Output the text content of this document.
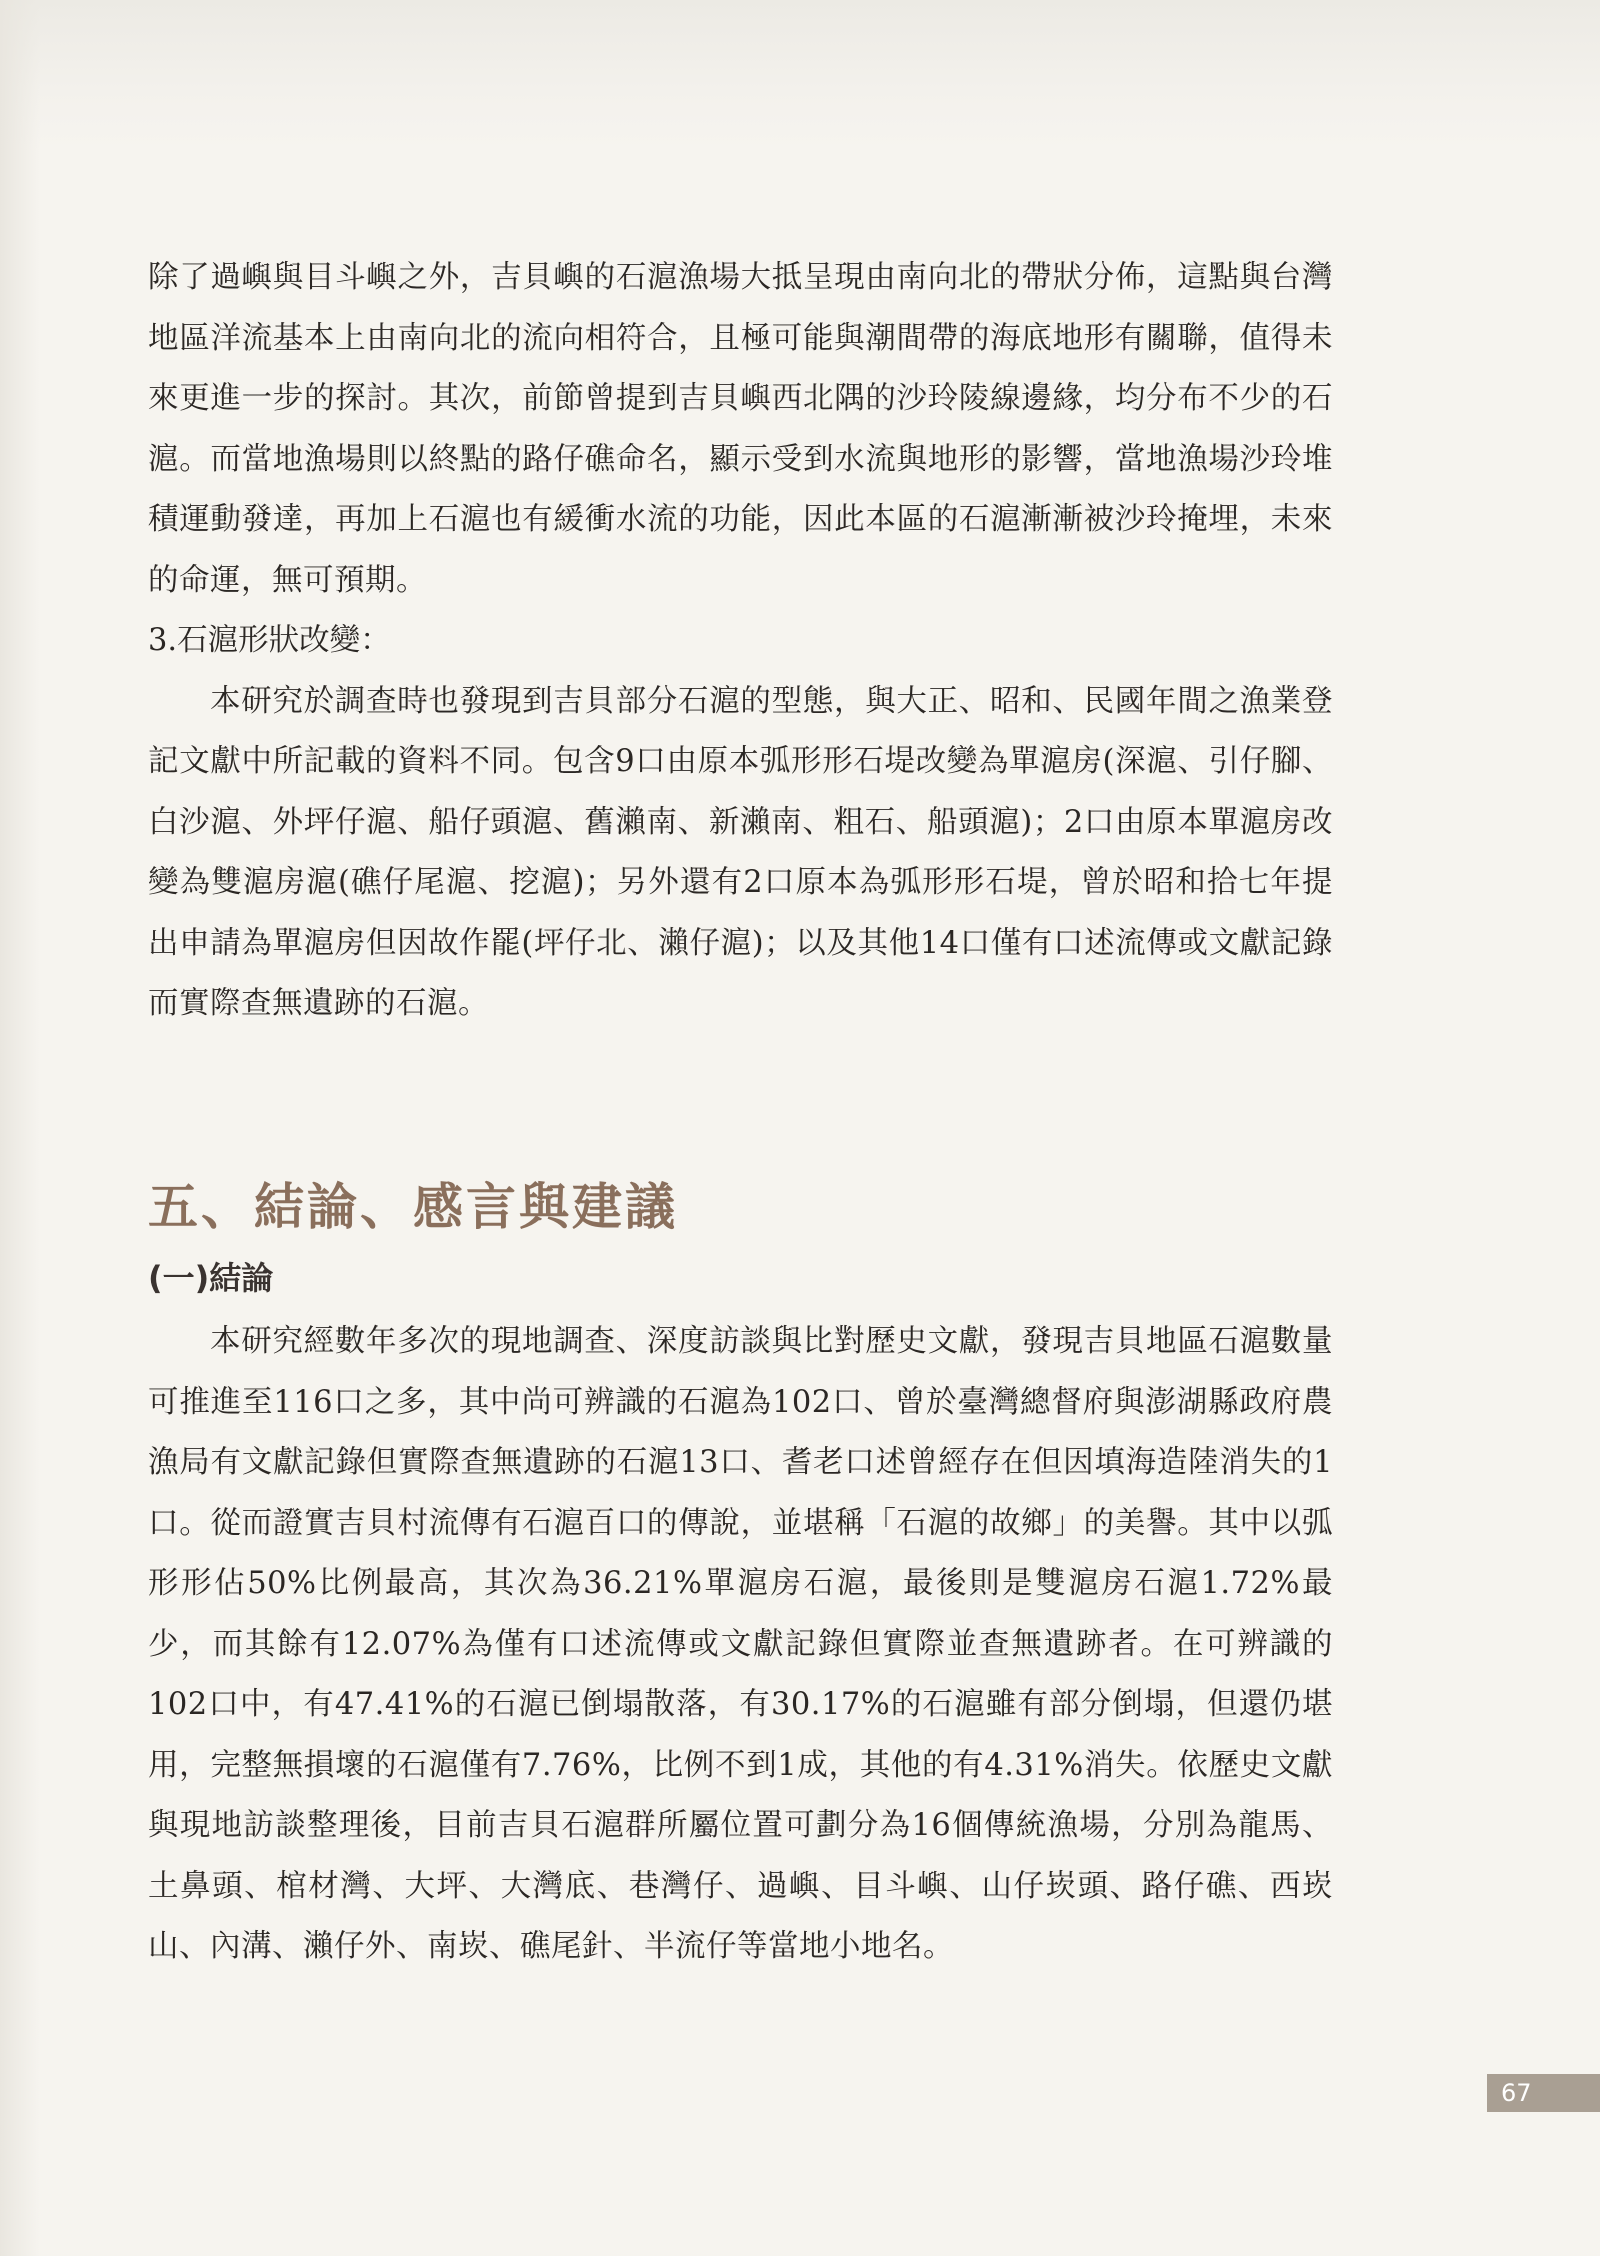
除了過嶼與目斗嶼之外，吉貝嶼的石滬漁場大抵呈現由南向北的帶狀分佈，這點與台灣地區洋流基本上由南向北的流向相符合，且極可能與潮間帶的海底地形有關聯，值得未來更進一步的探討。其次，前節曾提到吉貝嶼西北隅的沙玲陵線邊緣，均分布不少的石滬。而當地漁場則以終點的路仔礁命名，顯示受到水流與地形的影響，當地漁場沙玲堆積運動發達，再加上石滬也有緩衝水流的功能，因此本區的石滬漸漸被沙玲掩埋，未來的命運，無可預期。

3.石滬形狀改變：

本研究於調查時也發現到吉貝部分石滬的型態，與大正、昭和、民國年間之漁業登記文獻中所記載的資料不同。包含9口由原本弧形形石堤改變為單滬房(深滬、引仔腳、白沙滬、外坪仔滬、船仔頭滬、舊瀨南、新瀨南、粗石、船頭滬)；2口由原本單滬房改變為雙滬房滬(礁仔尾滬、挖滬)；另外還有2口原本為弧形形石堤，曾於昭和拾七年提出申請為單滬房但因故作罷(坪仔北、瀨仔滬)；以及其他14口僅有口述流傳或文獻記錄而實際查無遺跡的石滬。

五、結論、感言與建議
(一)結論

本研究經數年多次的現地調查、深度訪談與比對歷史文獻，發現吉貝地區石滬數量可推進至116口之多，其中尚可辨識的石滬為102口、曾於臺灣總督府與澎湖縣政府農漁局有文獻記錄但實際查無遺跡的石滬13口、耆老口述曾經存在但因填海造陸消失的1口。從而證實吉貝村流傳有石滬百口的傳說，並堪稱「石滬的故鄉」的美譽。其中以弧形形佔50%比例最高，其次為36.21%單滬房石滬，最後則是雙滬房石滬1.72%最少，而其餘有12.07%為僅有口述流傳或文獻記錄但實際並查無遺跡者。在可辨識的102口中，有47.41%的石滬已倒塌散落，有30.17%的石滬雖有部分倒塌，但還仍堪用，完整無損壞的石滬僅有7.76%，比例不到1成，其他的有4.31%消失。依歷史文獻與現地訪談整理後，目前吉貝石滬群所屬位置可劃分為16個傳統漁場，分別為龍馬、土鼻頭、棺材灣、大坪、大灣底、巷灣仔、過嶼、目斗嶼、山仔崁頭、路仔礁、西崁山、內溝、瀨仔外、南崁、礁尾針、半流仔等當地小地名。

67
